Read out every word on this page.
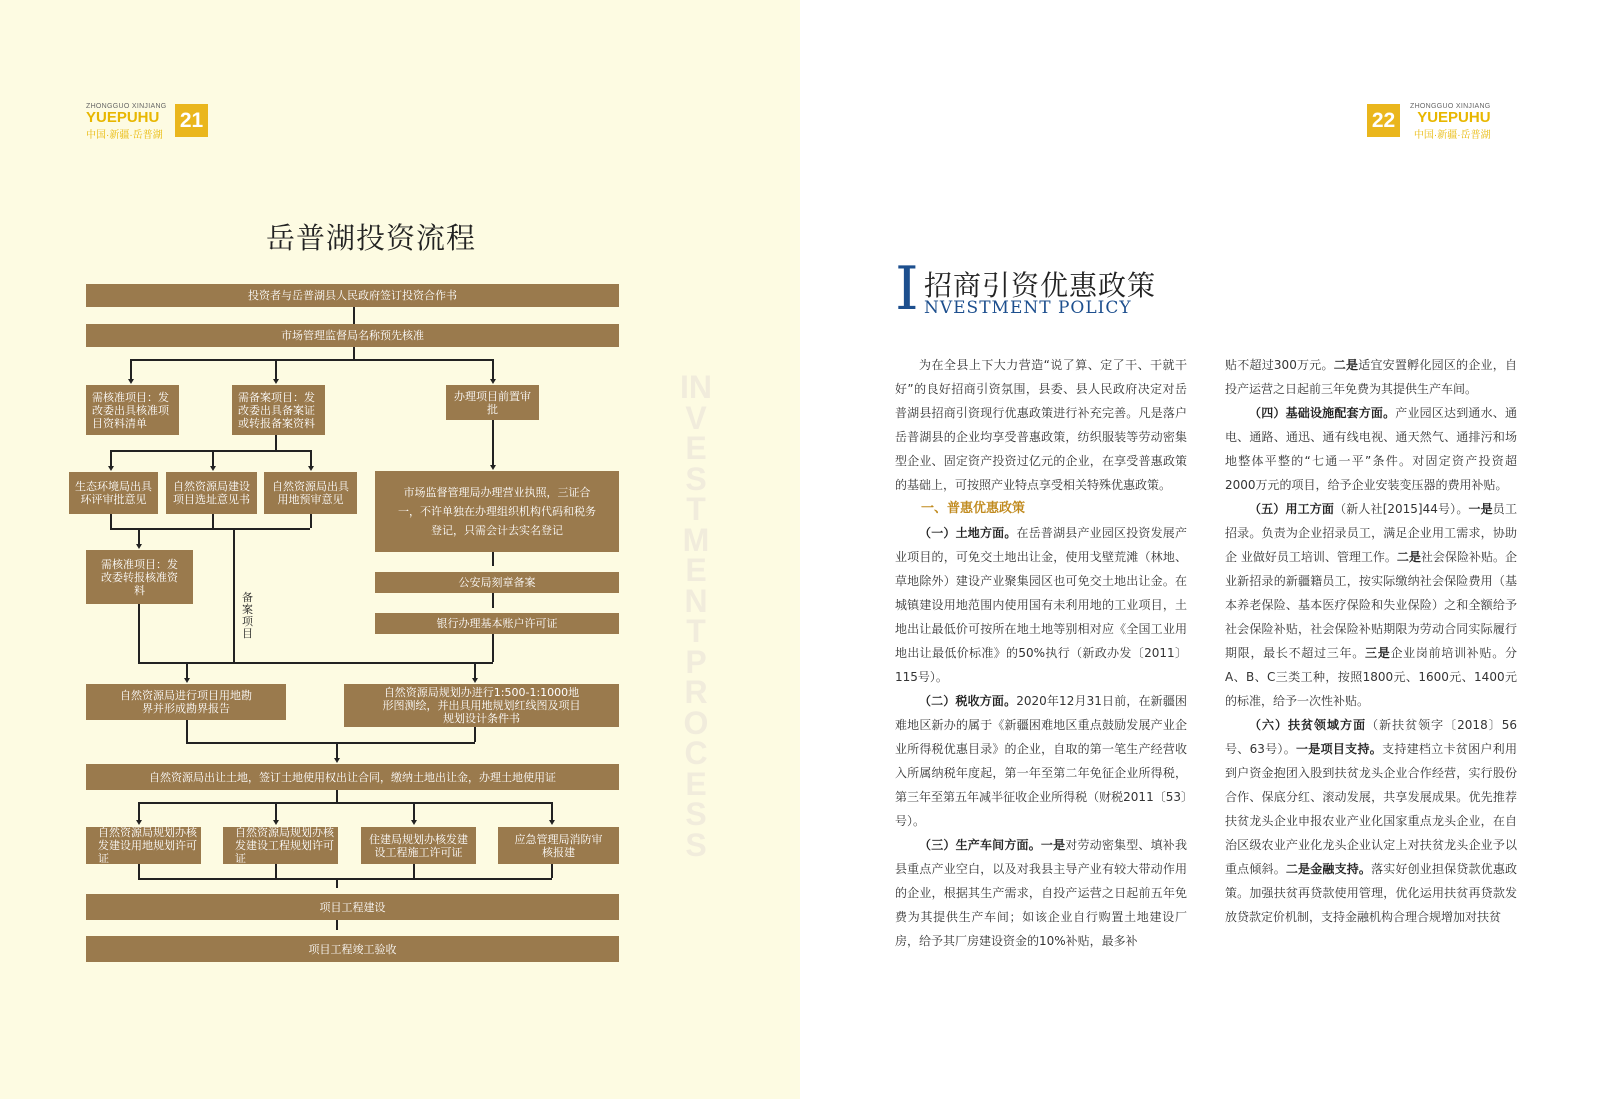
ZHONGGUO XINJIANG
YUEPUHU
中国·新疆·岳普湖
21
岳普湖投资流程
INVESTMENTPROCESS
投资者与岳普湖县人民政府签订投资合作书
市场管理监督局名称预先核准
需核准项目：发改委出具核准项目资料清单
需备案项目：发改委出具备案证或转报备案资料
办理项目前置审批
生态环境局出具环评审批意见
自然资源局建设项目选址意见书
自然资源局出具用地预审意见
市场监督管理局办理营业执照，三证合一，不许单独在办理组织机构代码和税务登记，只需会计去实名登记
需核准项目：发改委转报核准资料
备案项目
公安局刻章备案
银行办理基本账户许可证
自然资源局进行项目用地勘界并形成勘界报告
自然资源局规划办进行1:500-1:1000地形图测绘，并出具用地规划红线图及项目规划设计条件书
自然资源局出让土地，签订土地使用权出让合同，缴纳土地出让金，办理土地使用证
自然资源局规划办核发建设用地规划许可证
自然资源局规划办核发建设工程规划许可证
住建局规划办核发建设工程施工许可证
应急管理局消防审核报建
项目工程建设
项目工程竣工验收
22
ZHONGGUO XINJIANG
YUEPUHU
中国·新疆·岳普湖
I 招商引资优惠政策
NVESTMENT POLICY

为在全县上下大力营造“说了算、定了干、干就干好”的良好招商引资氛围，县委、县人民政府决定对岳普湖县招商引资现行优惠政策进行补充完善。凡是落户岳普湖县的企业均享受普惠政策，纺织服装等劳动密集型企业、固定资产投资过亿元的企业，在享受普惠政策的基础上，可按照产业特点享受相关特殊优惠政策。

一、普惠优惠政策

（一）土地方面。在岳普湖县产业园区投资发展产业项目的，可免交土地出让金，使用戈壁荒滩（林地、草地除外）建设产业聚集园区也可免交土地出让金。在城镇建设用地范围内使用国有未利用地的工业项目，土地出让最低价可按所在地土地等别相对应《全国工业用地出让最低价标准》的50%执行（新政办发〔2011〕115号）。

（二）税收方面。2020年12月31日前，在新疆困难地区新办的属于《新疆困难地区重点鼓励发展产业企业所得税优惠目录》的企业，自取的第一笔生产经营收入所属纳税年度起，第一年至第二年免征企业所得税，第三年至第五年减半征收企业所得税（财税2011〔53〕号）。

（三）生产车间方面。一是对劳动密集型、填补我县重点产业空白，以及对我县主导产业有较大带动作用的企业，根据其生产需求，自投产运营之日起前五年免费为其提供生产车间；如该企业自行购置土地建设厂房，给予其厂房建设资金的10%补贴，最多补

贴不超过300万元。二是适宜安置孵化园区的企业，自投产运营之日起前三年免费为其提供生产车间。

（四）基础设施配套方面。产业园区达到通水、通电、通路、通迅、通有线电视、通天然气、通排污和场地整体平整的“七通一平”条件。对固定资产投资超2000万元的项目，给予企业安装变压器的费用补贴。

（五）用工方面（新人社[2015]44号）。一是员工招录。负责为企业招录员工，满足企业用工需求，协助企 业做好员工培训、管理工作。二是社会保险补贴。企业新招录的新疆籍员工，按实际缴纳社会保险费用（基本养老保险、基本医疗保险和失业保险）之和全额给予社会保险补贴，社会保险补贴期限为劳动合同实际履行期限，最长不超过三年。三是企业岗前培训补贴。分A、B、C三类工种，按照1800元、1600元、1400元的标准，给予一次性补贴。

（六）扶贫领域方面（新扶贫领字〔2018〕56号、63号）。一是项目支持。支持建档立卡贫困户利用到户资金抱团入股到扶贫龙头企业合作经营，实行股份合作、保底分红、滚动发展，共享发展成果。优先推荐扶贫龙头企业申报农业产业化国家重点龙头企业，在自治区级农业产业化龙头企业认定上对扶贫龙头企业予以重点倾斜。二是金融支持。落实好创业担保贷款优惠政策。加强扶贫再贷款使用管理，优化运用扶贫再贷款发放贷款定价机制，支持金融机构合理合规增加对扶贫
